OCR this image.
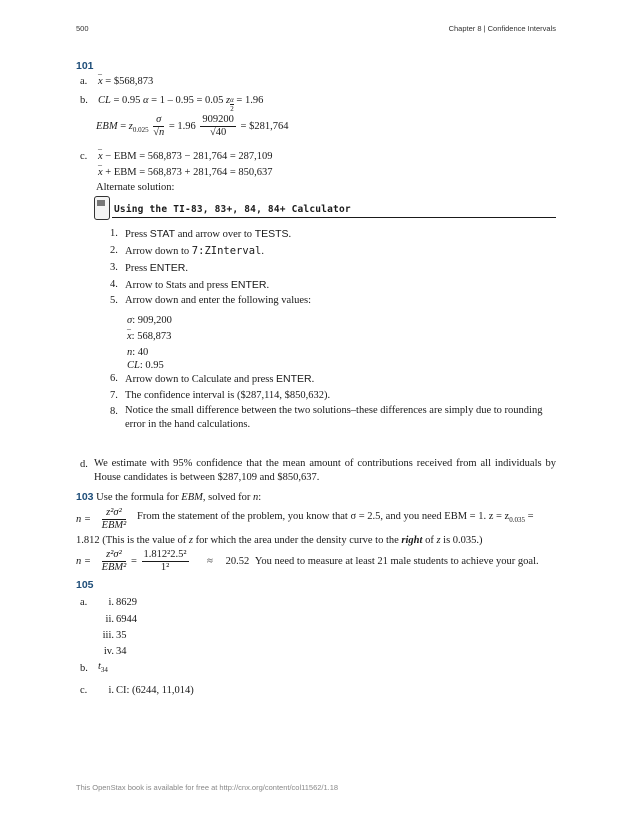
500	Chapter 8 | Confidence Intervals
101
a. – x = $568,873
b. CL = 0.95 α = 1 – 0.95 = 0.05 z $\frac{\alpha}{2} = 1.96$
EBM = $z_{0.025} \frac{\sigma}{√n} = 1.96 \frac{909200}{√40}$ = $281,764
c. – x − EBM = 568,873 − 281,764 = 287,109
– x + EBM = 568,873 + 281,764 = 850,637
Alternate solution:
Using the TI-83, 83+, 84, 84+ Calculator
1. Press STAT and arrow over to TESTS.
2. Arrow down to 7:ZInterval.
3. Press ENTER.
4. Arrow to Stats and press ENTER.
5. Arrow down and enter the following values:
σ: 909,200
– x: 568,873
n: 40
CL: 0.95
6. Arrow down to Calculate and press ENTER.
7. The confidence interval is ($287,114, $850,632).
8. Notice the small difference between the two solutions–these differences are simply due to rounding error in the hand calculations.
d. We estimate with 95% confidence that the mean amount of contributions received from all individuals by House candidates is between $287,109 and $850,637.
103 Use the formula for EBM, solved for n:
$n = \frac{\text{z²σ²}}{\text{EBM²}}$ From the statement of the problem, you know that σ = 2.5, and you need EBM = 1. $z = z_{0.035}$ =
1.812 (This is the value of z for which the area under the density curve to the right of z is 0.035.)
$n = \frac{\text{z²σ²}}{\text{EBM²}} = \frac{\text{1.812²2.5²}}{\text{1²}} \approx 20.52$ You need to measure at least 21 male students to achieve your goal.
105
a.	i. 8629
ii. 6944
iii. 35
iv. 34
b. $t_{34}$
c.	i. CI: (6244, 11,014)
This OpenStax book is available for free at http://cnx.org/content/col11562/1.18
